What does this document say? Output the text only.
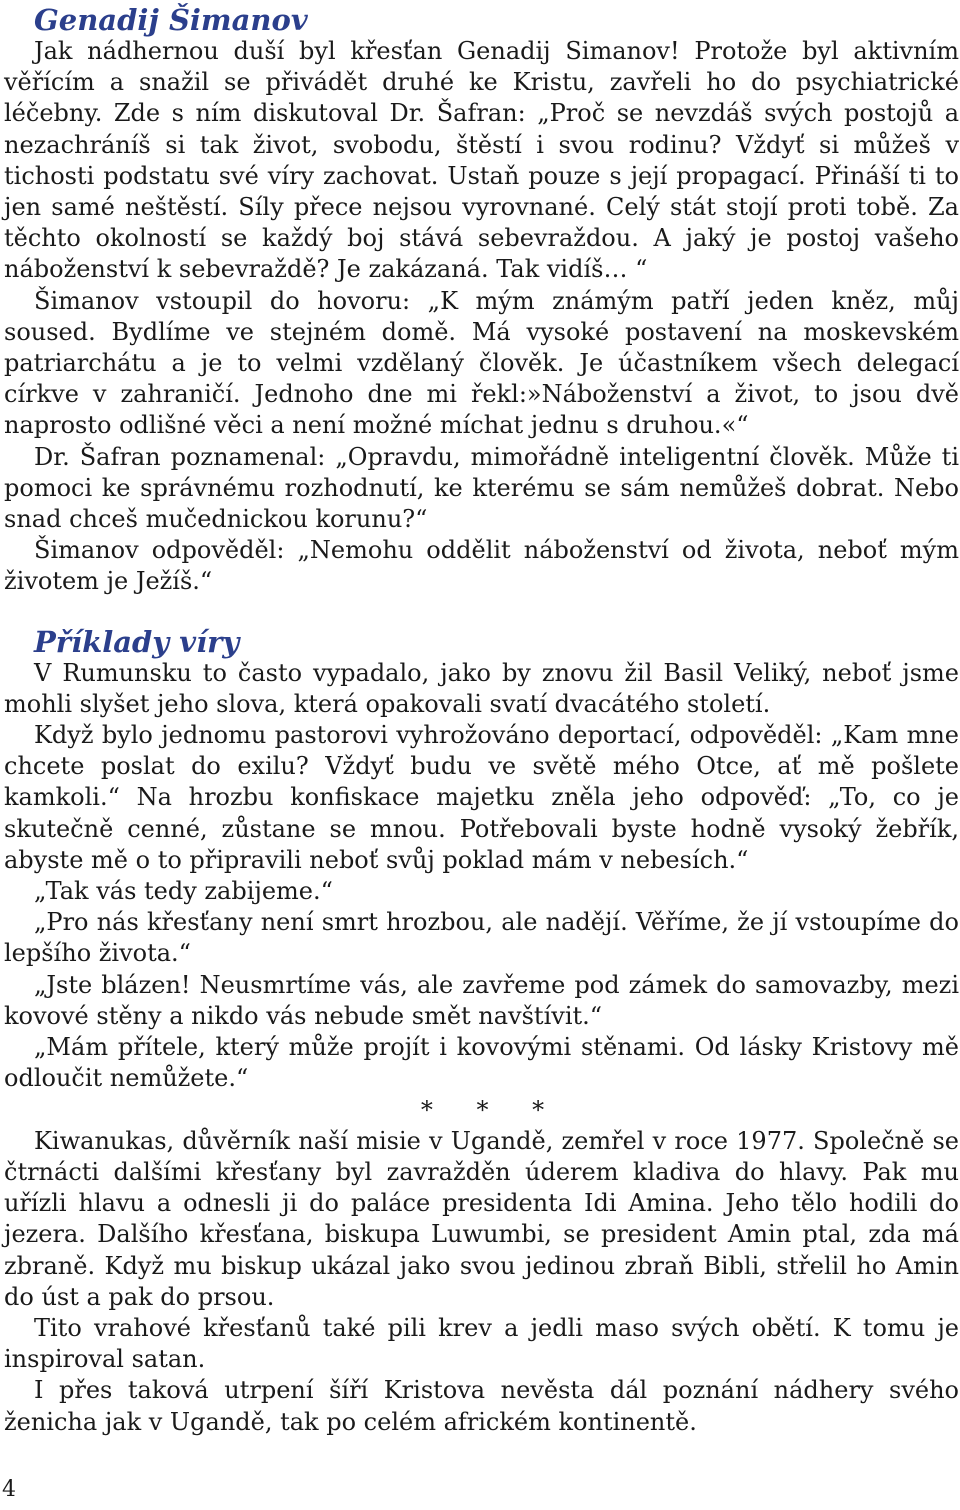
Genadij Šimanov

Jak nádhernou duší byl křesťan Genadij Simanov! Protože byl aktivním věřícím a snažil se přivádět druhé ke Kristu, zavřeli ho do psychiatrické léčebny. Zde s ním diskutoval Dr. Šafran: „Proč se nevzdáš svých postojů a nezachráníš si tak život, svobodu, štěstí i svou rodinu? Vždyť si můžeš v tichosti podstatu své víry zachovat. Ustaň pouze s její propagací. Přináší ti to jen samé neštěstí. Síly přece nejsou vyrovnané. Celý stát stojí proti tobě. Za těchto okolností se každý boj stává sebevraždou. A jaký je postoj vašeho náboženství k sebevraždě? Je zakázaná. Tak vidíš… “

Šimanov vstoupil do hovoru: „K mým známým patří jeden kněz, můj soused. Bydlíme ve stejném domě. Má vysoké postavení na moskevském patriarchátu a je to velmi vzdělaný člověk. Je účastníkem všech delegací církve v zahraničí. Jednoho dne mi řekl:»Náboženství a život, to jsou dvě naprosto odlišné věci a není možné míchat jednu s druhou.«“

Dr. Šafran poznamenal: „Opravdu, mimořádně inteligentní člověk. Může ti pomoci ke správnému rozhodnutí, ke kterému se sám nemůžeš dobrat. Nebo snad chceš mučednickou korunu?“

Šimanov odpověděl: „Nemohu oddělit náboženství od života, neboť mým životem je Ježíš.“

Příklady víry

V Rumunsku to často vypadalo, jako by znovu žil Basil Veliký, neboť jsme mohli slyšet jeho slova, která opakovali svatí dvacátého století.

Když bylo jednomu pastorovi vyhrožováno deportací, odpověděl: „Kam mne chcete poslat do exilu? Vždyť budu ve světě mého Otce, ať mě pošlete kamkoli.“ Na hrozbu konfiskace majetku zněla jeho odpověď: „To, co je skutečně cenné, zůstane se mnou. Potřebovali byste hodně vysoký žebřík, abyste mě o to připravili neboť svůj poklad mám v nebesích.“

„Tak vás tedy zabijeme.“

„Pro nás křesťany není smrt hrozbou, ale nadějí. Věříme, že jí vstoupíme do lepšího života.“

„Jste blázen! Neusmrtíme vás, ale zavřeme pod zámek do samovazby, mezi kovové stěny a nikdo vás nebude smět navštívit.“

„Mám přítele, který může projít i kovovými stěnami. Od lásky Kristovy mě odloučit nemůžete.“

* * *

Kiwanukas, důvěrník naší misie v Ugandě, zemřel v roce 1977. Společně se čtrnácti dalšími křesťany byl zavražděn úderem kladiva do hlavy. Pak mu uřízli hlavu a odnesli ji do paláce presidenta Idi Amina. Jeho tělo hodili do jezera. Dalšího křesťana, biskupa Luwumbi, se president Amin ptal, zda má zbraně. Když mu biskup ukázal jako svou jedinou zbraň Bibli, střelil ho Amin do úst a pak do prsou.

Tito vrahové křesťanů také pili krev a jedli maso svých obětí. K tomu je inspiroval satan.

I přes taková utrpení šíří Kristova nevěsta dál poznání nádhery svého ženicha jak v Ugandě, tak po celém africkém kontinentě.

4
